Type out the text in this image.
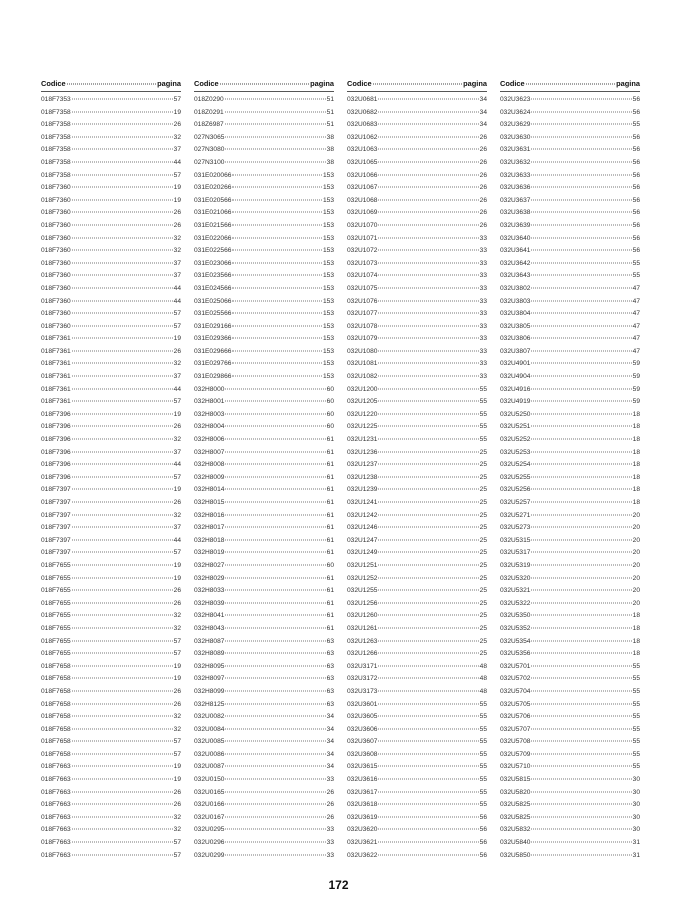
Codice	pagina
018F7353	57
018F7358	19
018F7358	26
018F7358	32
018F7358	37
018F7358	44
018F7358	57
018F7360	19
018F7360	19
018F7360	26
018F7360	26
018F7360	32
018F7360	32
018F7360	37
018F7360	37
018F7360	44
018F7360	44
018F7360	57
018F7360	57
018F7361	19
018F7361	26
018F7361	32
018F7361	37
018F7361	44
018F7361	57
018F7396	19
018F7396	26
018F7396	32
018F7396	37
018F7396	44
018F7396	57
018F7397	19
018F7397	26
018F7397	32
018F7397	37
018F7397	44
018F7397	57
018F7655	19
018F7655	19
018F7655	26
018F7655	26
018F7655	32
018F7655	32
018F7655	57
018F7655	57
018F7658	19
018F7658	19
018F7658	26
018F7658	26
018F7658	32
018F7658	32
018F7658	57
018F7658	57
018F7663	19
018F7663	19
018F7663	26
018F7663	26
018F7663	32
018F7663	32
018F7663	57
018F7663	57
Codice	pagina
018Z0290	51
018Z0291	51
018Z6987	51
027N3065	38
027N3080	38
027N3100	38
031E020066	153
031E020266	153
031E020566	153
031E021066	153
031E021566	153
031E022066	153
031E022566	153
031E023066	153
031E023566	153
031E024566	153
031E025066	153
031E025566	153
031E029166	153
031E029366	153
031E029666	153
031E029766	153
031E029866	153
032H8000	60
032H8001	60
032H8003	60
032H8004	60
032H8006	61
032H8007	61
032H8008	61
032H8009	61
032H8014	61
032H8015	61
032H8016	61
032H8017	61
032H8018	61
032H8019	61
032H8027	60
032H8029	61
032H8033	61
032H8039	61
032H8041	61
032H8043	61
032H8087	63
032H8089	63
032H8095	63
032H8097	63
032H8099	63
032H8125	63
032U0082	34
032U0084	34
032U0085	34
032U0086	34
032U0087	34
032U0150	33
032U0165	26
032U0166	26
032U0167	26
032U0295	33
032U0296	33
032U0299	33
Codice	pagina
032U0681	34
032U0682	34
032U0683	34
032U1062	26
032U1063	26
032U1065	26
032U1066	26
032U1067	26
032U1068	26
032U1069	26
032U1070	26
032U1071	33
032U1072	33
032U1073	33
032U1074	33
032U1075	33
032U1076	33
032U1077	33
032U1078	33
032U1079	33
032U1080	33
032U1081	33
032U1082	33
032U1200	55
032U1205	55
032U1220	55
032U1225	55
032U1231	55
032U1236	25
032U1237	25
032U1238	25
032U1239	25
032U1241	25
032U1242	25
032U1246	25
032U1247	25
032U1249	25
032U1251	25
032U1252	25
032U1255	25
032U1256	25
032U1260	25
032U1261	25
032U1263	25
032U1266	25
032U3171	48
032U3172	48
032U3173	48
032U3601	55
032U3605	55
032U3606	55
032U3607	55
032U3608	55
032U3615	55
032U3616	55
032U3617	55
032U3618	55
032U3619	56
032U3620	56
032U3621	56
032U3622	56
Codice	pagina
032U3623	56
032U3624	56
032U3629	55
032U3630	56
032U3631	56
032U3632	56
032U3633	56
032U3636	56
032U3637	56
032U3638	56
032U3639	56
032U3640	56
032U3641	56
032U3642	55
032U3643	55
032U3802	47
032U3803	47
032U3804	47
032U3805	47
032U3806	47
032U3807	47
032U4901	59
032U4904	59
032U4916	59
032U4919	59
032U5250	18
032U5251	18
032U5252	18
032U5253	18
032U5254	18
032U5255	18
032U5256	18
032U5257	18
032U5271	20
032U5273	20
032U5315	20
032U5317	20
032U5319	20
032U5320	20
032U5321	20
032U5322	20
032U5350	18
032U5352	18
032U5354	18
032U5356	18
032U5701	55
032U5702	55
032U5704	55
032U5705	55
032U5706	55
032U5707	55
032U5708	55
032U5709	55
032U5710	55
032U5815	30
032U5820	30
032U5825	30
032U5825	30
032U5832	30
032U5840	31
032U5850	31
172
